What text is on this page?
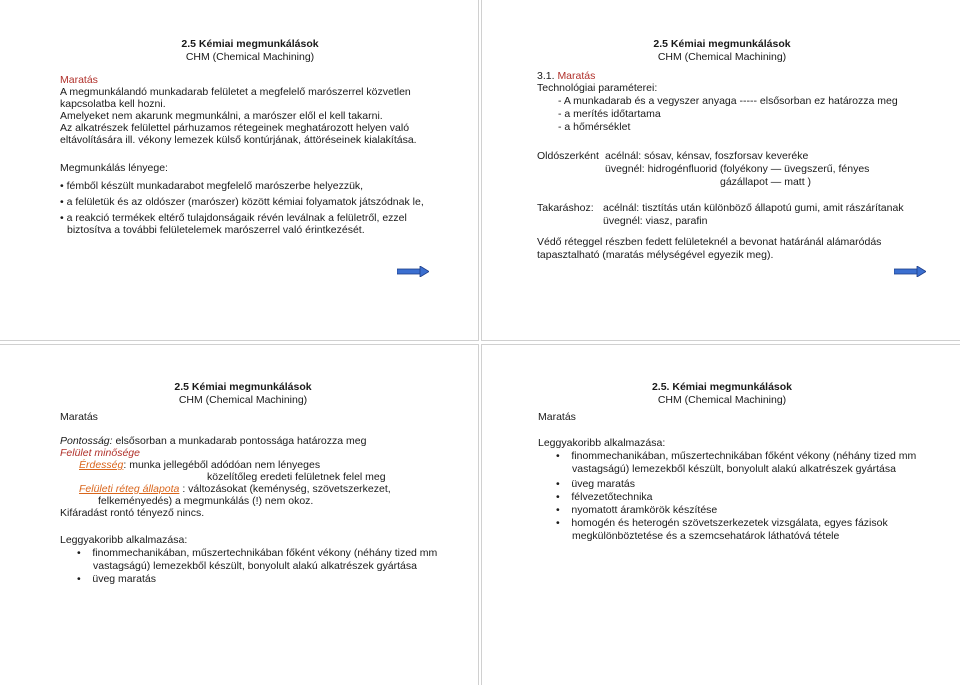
2.5 Kémiai megmunkálások
CHM (Chemical Machining)
Maratás
A megmunkálandó munkadarab felületet a megfelelő marószerrel közvetlen
kapcsolatba kell hozni.
Amelyeket nem akarunk megmunkálni, a marószer elől el kell takarni.
Az alkatrészek felülettel párhuzamos rétegeinek meghatározott helyen való
eltávolítására ill. vékony lemezek külső kontúrjának, áttöréseinek kialakítása.
Megmunkálás lényege:
• fémből készült munkadarabot megfelelő marószerbe helyezzük,
• a felületük és az oldószer (marószer) között kémiai folyamatok játszódnak le,
• a reakció termékek eltérő tulajdonságaik révén leválnak a felületről, ezzel
biztosítva a további felületelemek marószerrel való érintkezését.
2.5 Kémiai megmunkálások
CHM (Chemical Machining)
3.1. Maratás
Technológiai paraméterei:
- A munkadarab és a vegyszer anyaga ----- elsősorban ez határozza meg
- a merítés időtartama
- a hőmérséklet
Oldószerként acélnál: sósav, kénsav, foszforsav keveréke
üvegnél: hidrogénfluorid (folyékony — üvegszerű, fényes
gázállapot — matt )
Takaráshoz: acélnál: tisztítás után különböző állapotú gumi, amit rászárítanak
üvegnél: viasz, parafin
Védő réteggel részben fedett felületeknél a bevonat határánál alámaródás
tapasztalható (maratás mélységével egyezik meg).
2.5 Kémiai megmunkálások
CHM (Chemical Machining)
Maratás
Pontosság: elsősorban a munkadarab pontossága határozza meg
Felület minősége
Érdesség: munka jellegéből adódóan nem lényeges
közelítőleg eredeti felületnek felel meg
Felületi réteg állapota : változásokat (keménység, szövetszerkezet,
felkeményedés) a megmunkálás (!) nem okoz.
Kifáradást rontó tényező nincs.
Leggyakoribb alkalmazása:
•    finommechanikában, műszertechnikában főként vékony (néhány tized mm
vastagságú) lemezekből készült, bonyolult alakú alkatrészek gyártása
•    üveg maratás
2.5. Kémiai megmunkálások
CHM (Chemical Machining)
Maratás
Leggyakoribb alkalmazása:
•    finommechanikában, műszertechnikában főként vékony (néhány tized mm
vastagságú) lemezekből készült, bonyolult alakú alkatrészek gyártása
•    üveg maratás
•    félvezetőtechnika
•    nyomatott áramkörök készítése
•    homogén és heterogén szövetszerkezetek vizsgálata, egyes fázisok
megkülönböztetése és a szemcsehatárok láthatóvá tétele
